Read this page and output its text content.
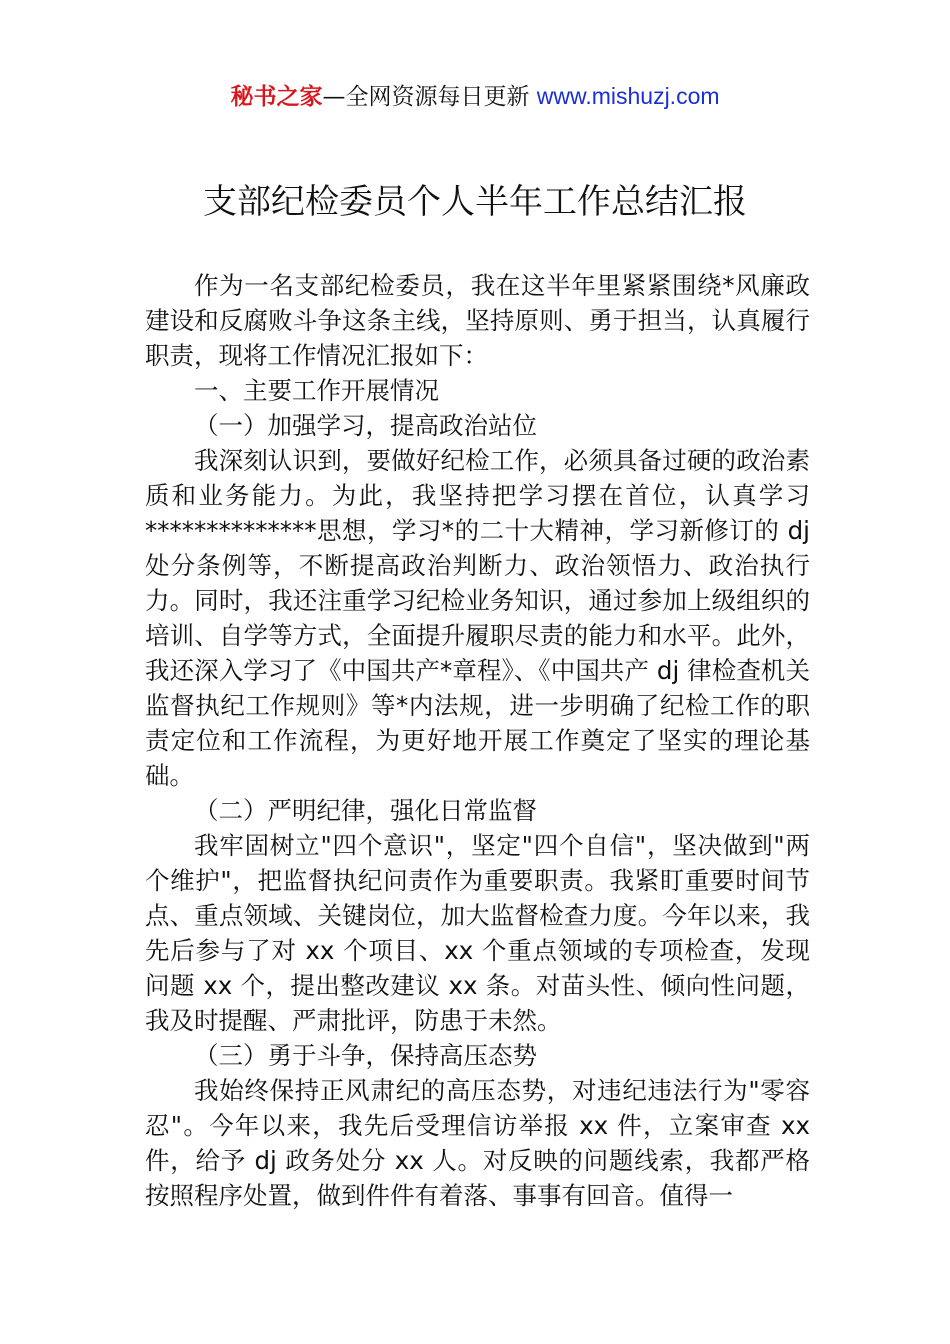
秘书之家—全网资源每日更新 www.mishuzj.com
支部纪检委员个人半年工作总结汇报

作为一名支部纪检委员，我在这半年里紧紧围绕*风廉政建设和反腐败斗争这条主线，坚持原则、勇于担当，认真履行职责，现将工作情况汇报如下：

一、主要工作开展情况

（一）加强学习，提高政治站位

我深刻认识到，要做好纪检工作，必须具备过硬的政治素质和业务能力。为此，我坚持把学习摆在首位，认真学习**************思想，学习*的二十大精神，学习新修订的 dj 处分条例等，不断提高政治判断力、政治领悟力、政治执行力。同时，我还注重学习纪检业务知识，通过参加上级组织的培训、自学等方式，全面提升履职尽责的能力和水平。此外，我还深入学习了《中国共产*章程》、《中国共产 dj 律检查机关监督执纪工作规则》等*内法规，进一步明确了纪检工作的职责定位和工作流程，为更好地开展工作奠定了坚实的理论基础。

（二）严明纪律，强化日常监督

我牢固树立"四个意识"，坚定"四个自信"，坚决做到"两个维护"，把监督执纪问责作为重要职责。我紧盯重要时间节点、重点领域、关键岗位，加大监督检查力度。今年以来，我先后参与了对 xx 个项目、xx 个重点领域的专项检查，发现问题 xx 个，提出整改建议 xx 条。对苗头性、倾向性问题，我及时提醒、严肃批评，防患于未然。

（三）勇于斗争，保持高压态势

我始终保持正风肃纪的高压态势，对违纪违法行为"零容忍"。今年以来，我先后受理信访举报 xx 件，立案审查 xx 件，给予 dj 政务处分 xx 人。对反映的问题线索，我都严格按照程序处置，做到件件有着落、事事有回音。值得一
